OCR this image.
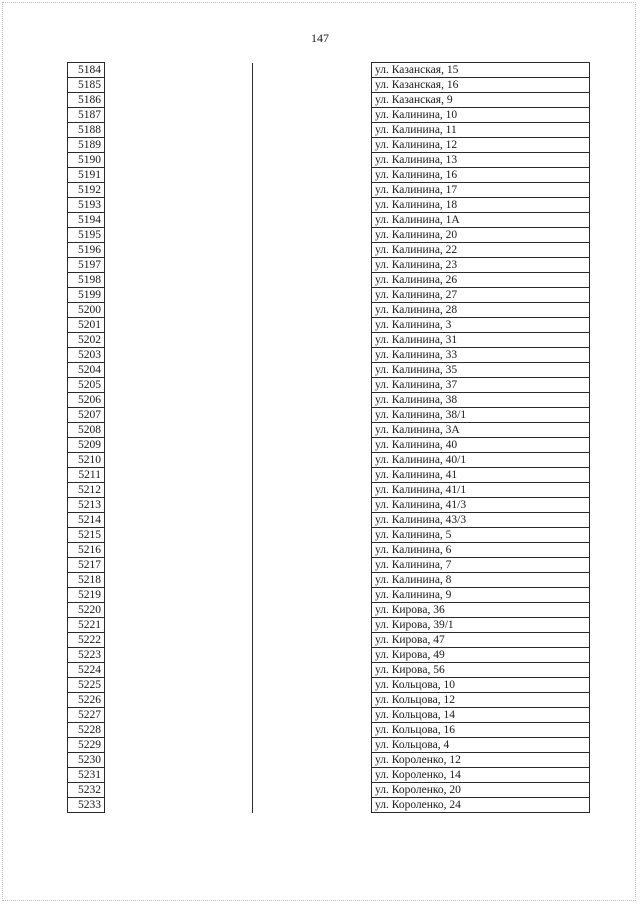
147
5184			ул. Казанская, 15
5185			ул. Казанская, 16
5186			ул. Казанская, 9
5187			ул. Калинина, 10
5188			ул. Калинина, 11
5189			ул. Калинина, 12
5190			ул. Калинина, 13
5191			ул. Калинина, 16
5192			ул. Калинина, 17
5193			ул. Калинина, 18
5194			ул. Калинина, 1А
5195			ул. Калинина, 20
5196			ул. Калинина, 22
5197			ул. Калинина, 23
5198			ул. Калинина, 26
5199			ул. Калинина, 27
5200			ул. Калинина, 28
5201			ул. Калинина, 3
5202			ул. Калинина, 31
5203			ул. Калинина, 33
5204			ул. Калинина, 35
5205			ул. Калинина, 37
5206			ул. Калинина, 38
5207			ул. Калинина, 38/1
5208			ул. Калинина, 3А
5209			ул. Калинина, 40
5210			ул. Калинина, 40/1
5211			ул. Калинина, 41
5212			ул. Калинина, 41/1
5213			ул. Калинина, 41/3
5214			ул. Калинина, 43/3
5215			ул. Калинина, 5
5216			ул. Калинина, 6
5217			ул. Калинина, 7
5218			ул. Калинина, 8
5219			ул. Калинина, 9
5220			ул. Кирова, 36
5221			ул. Кирова, 39/1
5222			ул. Кирова, 47
5223			ул. Кирова, 49
5224			ул. Кирова, 56
5225			ул. Кольцова, 10
5226			ул. Кольцова, 12
5227			ул. Кольцова, 14
5228			ул. Кольцова, 16
5229			ул. Кольцова, 4
5230			ул. Короленко, 12
5231			ул. Короленко, 14
5232			ул. Короленко, 20
5233			ул. Короленко, 24
